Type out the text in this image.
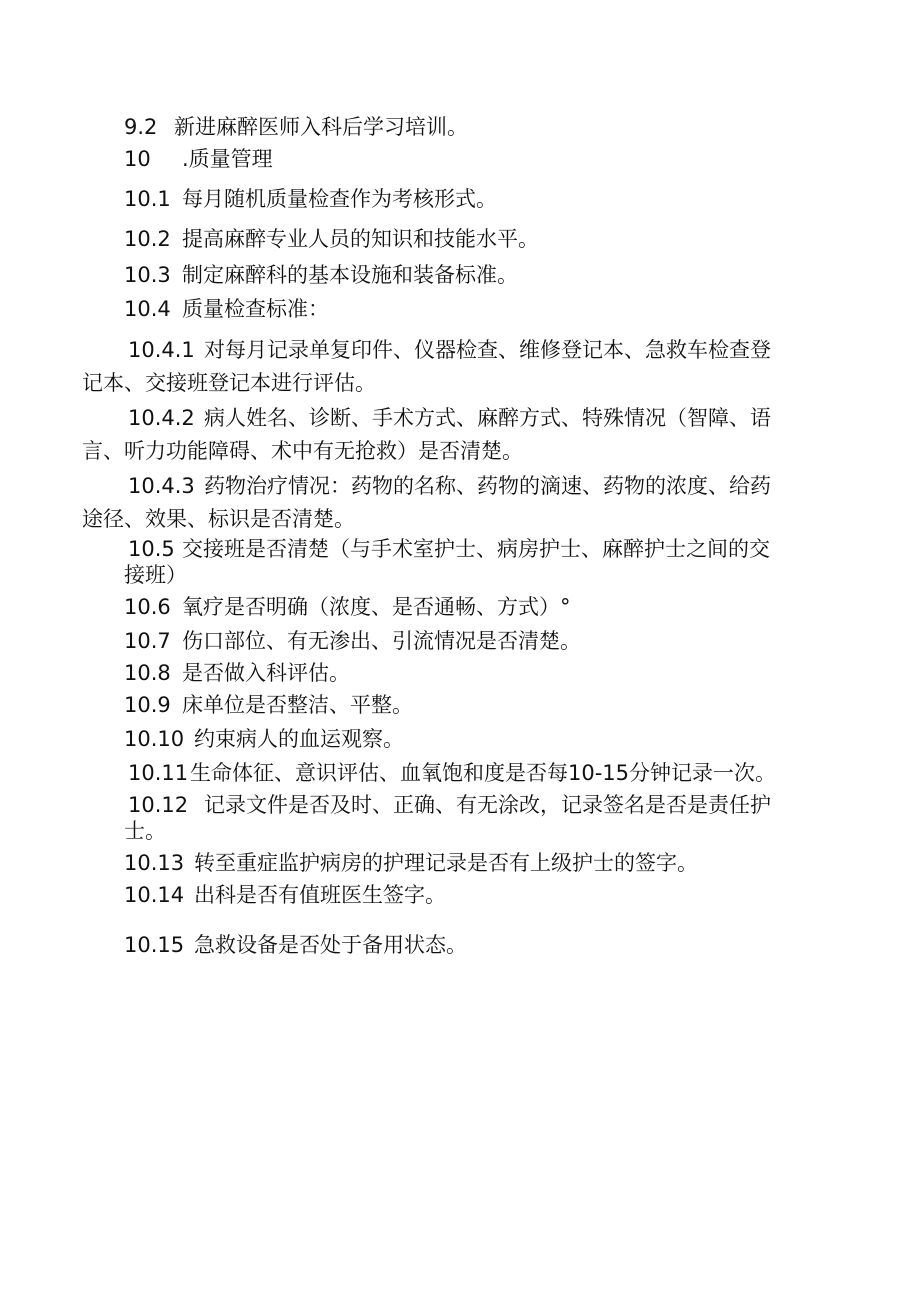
9.2 新进麻醉医师入科后学习培训。
10 .质量管理
10.1 每月随机质量检查作为考核形式。
10.2 提高麻醉专业人员的知识和技能水平。
10.3 制定麻醉科的基本设施和装备标准。
10.4 质量检查标准：
10.4.1 对每月记录单复印件、仪器检查、维修登记本、急救车检查登
记本、交接班登记本进行评估。
10.4.2 病人姓名、诊断、手术方式、麻醉方式、特殊情况（智障、语
言、听力功能障碍、术中有无抢救）是否清楚。
10.4.3 药物治疗情况：药物的名称、药物的滴速、药物的浓度、给药
途径、效果、标识是否清楚。
10.5 交接班是否清楚（与手术室护士、病房护士、麻醉护士之间的交
接班）
10.6 氧疗是否明确（浓度、是否通畅、方式）°
10.7 伤口部位、有无渗出、引流情况是否清楚。
10.8 是否做入科评估。
10.9 床单位是否整洁、平整。
10.10 约束病人的血运观察。
10.11生命体征、意识评估、血氧饱和度是否每10-15分钟记录一次。
10.12 记录文件是否及时、正确、有无涂改，记录签名是否是责任护
士。
10.13 转至重症监护病房的护理记录是否有上级护士的签字。
10.14 出科是否有值班医生签字。
10.15 急救设备是否处于备用状态。
